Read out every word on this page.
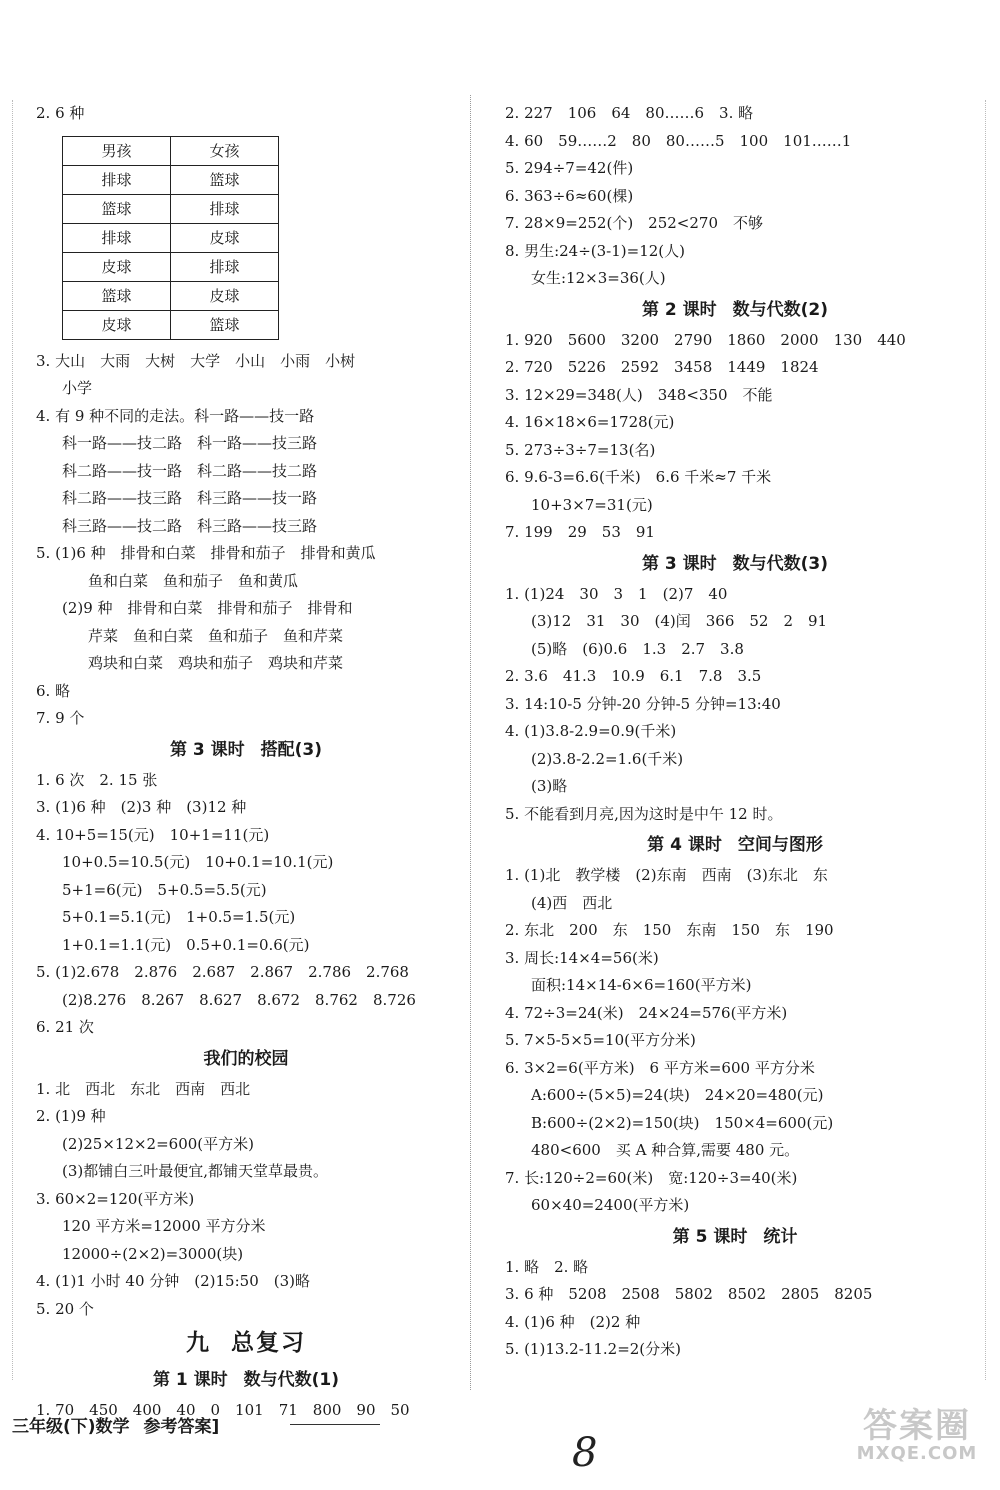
2. 6 种
男孩	女孩
排球	篮球
篮球	排球
排球	皮球
皮球	排球
篮球	皮球
皮球	篮球
3. 大山　大雨　大树　大学　小山　小雨　小树
小学
4. 有 9 种不同的走法。科一路——技一路
科一路——技二路　科一路——技三路
科二路——技一路　科二路——技二路
科二路——技三路　科三路——技一路
科三路——技二路　科三路——技三路
5. (1)6 种　排骨和白菜　排骨和茄子　排骨和黄瓜
鱼和白菜　鱼和茄子　鱼和黄瓜
(2)9 种　排骨和白菜　排骨和茄子　排骨和
芹菜　鱼和白菜　鱼和茄子　鱼和芹菜
鸡块和白菜　鸡块和茄子　鸡块和芹菜
6. 略
7. 9 个
第 3 课时 搭配(3)
1. 6 次　2. 15 张
3. (1)6 种　(2)3 种　(3)12 种
4. 10+5=15(元)　10+1=11(元)
10+0.5=10.5(元)　10+0.1=10.1(元)
5+1=6(元)　5+0.5=5.5(元)
5+0.1=5.1(元)　1+0.5=1.5(元)
1+0.1=1.1(元)　0.5+0.1=0.6(元)
5. (1)2.678　2.876　2.687　2.867　2.786　2.768
(2)8.276　8.267　8.627　8.672　8.762　8.726
6. 21 次
我们的校园
1. 北　西北　东北　西南　西北
2. (1)9 种
(2)25×12×2=600(平方米)
(3)都铺白三叶最便宜,都铺天堂草最贵。
3. 60×2=120(平方米)
120 平方米=12000 平方分米
12000÷(2×2)=3000(块)
4. (1)1 小时 40 分钟　(2)15:50　(3)略
5. 20 个
九 总复习
第 1 课时 数与代数(1)
1. 70　450　400　40　0　101　71　800　90　50
2. 227　106　64　80……6　3. 略
4. 60　59……2　80　80……5　100　101……1
5. 294÷7=42(件)
6. 363÷6≈60(棵)
7. 28×9=252(个)　252<270　不够
8. 男生:24÷(3-1)=12(人)
女生:12×3=36(人)
第 2 课时 数与代数(2)
1. 920　5600　3200　2790　1860　2000　130　440
2. 720　5226　2592　3458　1449　1824
3. 12×29=348(人)　348<350　不能
4. 16×18×6=1728(元)
5. 273÷3÷7=13(名)
6. 9.6-3=6.6(千米)　6.6 千米≈7 千米
10+3×7=31(元)
7. 199　29　53　91
第 3 课时 数与代数(3)
1. (1)24　30　3　1　(2)7　40
(3)12　31　30　(4)闰　366　52　2　91
(5)略　(6)0.6　1.3　2.7　3.8
2. 3.6　41.3　10.9　6.1　7.8　3.5
3. 14:10-5 分钟-20 分钟-5 分钟=13:40
4. (1)3.8-2.9=0.9(千米)
(2)3.8-2.2=1.6(千米)
(3)略
5. 不能看到月亮,因为这时是中午 12 时。
第 4 课时 空间与图形
1. (1)北　教学楼　(2)东南　西南　(3)东北　东
(4)西　西北
2. 东北　200　东　150　东南　150　东　190
3. 周长:14×4=56(米)
面积:14×14-6×6=160(平方米)
4. 72÷3=24(米)　24×24=576(平方米)
5. 7×5-5×5=10(平方分米)
6. 3×2=6(平方米)　6 平方米=600 平方分米
A:600÷(5×5)=24(块)　24×20=480(元)
B:600÷(2×2)=150(块)　150×4=600(元)
480<600　买 A 种合算,需要 480 元。
7. 长:120÷2=60(米)　宽:120÷3=40(米)
60×40=2400(平方米)
第 5 课时 统计
1. 略　2. 略
3. 6 种　5208　2508　5802　8502　2805　8205
4. (1)6 种　(2)2 种
5. (1)13.2-11.2=2(分米)
三年级(下)数学 参考答案]
8
答案圈
MXQE.COM
